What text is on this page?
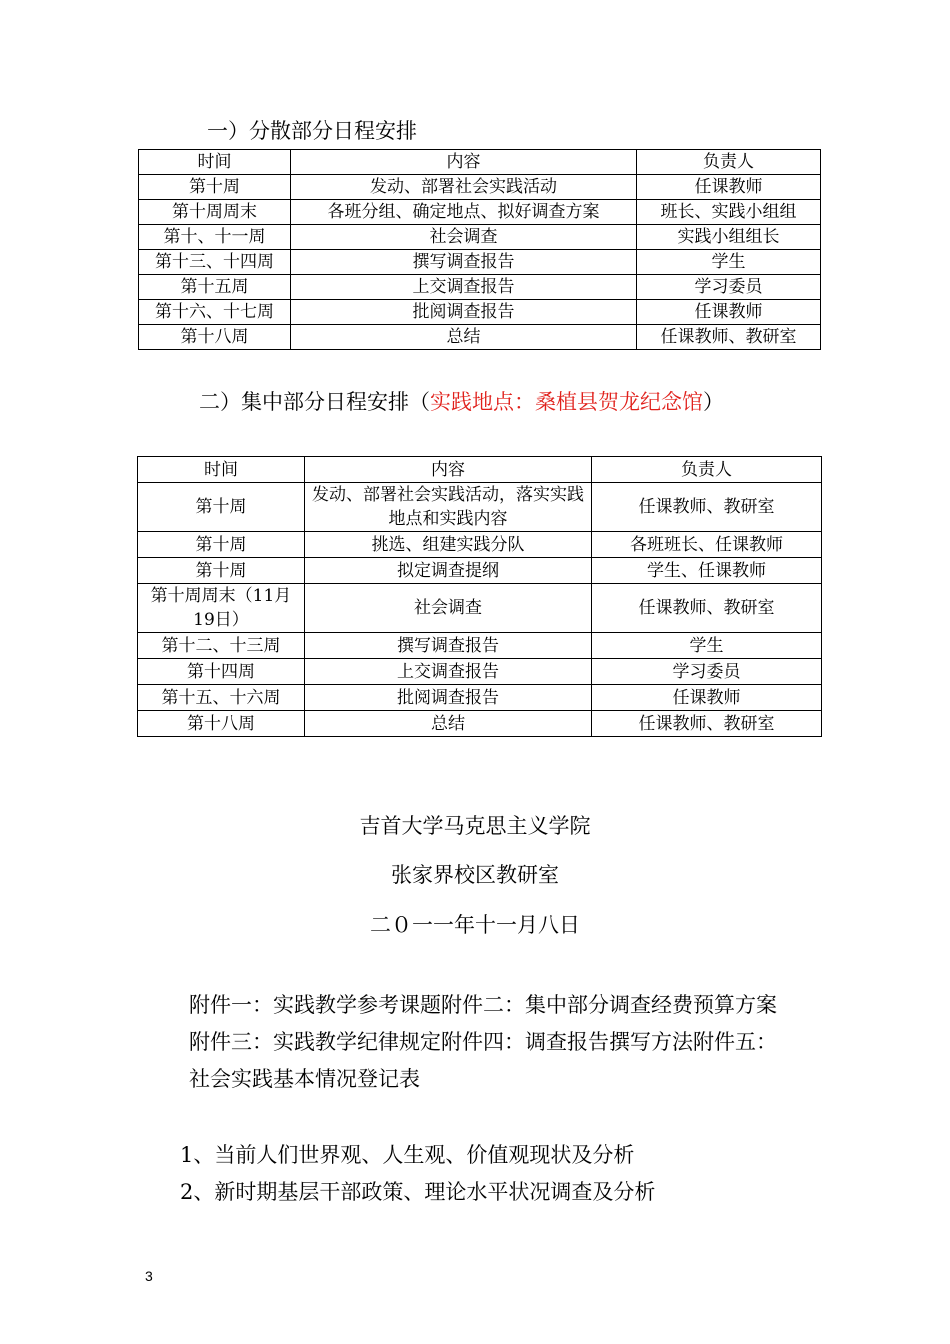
一）分散部分日程安排
时间	内容	负责人
第十周	发动、部署社会实践活动	任课教师
第十周周末	各班分组、确定地点、拟好调查方案	班长、实践小组组
第十、十一周	社会调查	实践小组组长
第十三、十四周	撰写调查报告	学生
第十五周	上交调查报告	学习委员
第十六、十七周	批阅调查报告	任课教师
第十八周	总结	任课教师、教研室
二）集中部分日程安排（实践地点：桑植县贺龙纪念馆）
时间	内容	负责人
第十周	发动、部署社会实践活动，落实实践地点和实践内容	任课教师、教研室
第十周	挑选、组建实践分队	各班班长、任课教师
第十周	拟定调查提纲	学生、任课教师
第十周周末（11月19日）	社会调查	任课教师、教研室
第十二、十三周	撰写调查报告	学生
第十四周	上交调查报告	学习委员
第十五、十六周	批阅调查报告	任课教师
第十八周	总结	任课教师、教研室
吉首大学马克思主义学院
张家界校区教研室
二０一一年十一月八日
附件一：实践教学参考课题附件二：集中部分调查经费预算方案
附件三：实践教学纪律规定附件四：调查报告撰写方法附件五：
社会实践基本情况登记表
1、当前人们世界观、人生观、价值观现状及分析
2、新时期基层干部政策、理论水平状况调查及分析
3
